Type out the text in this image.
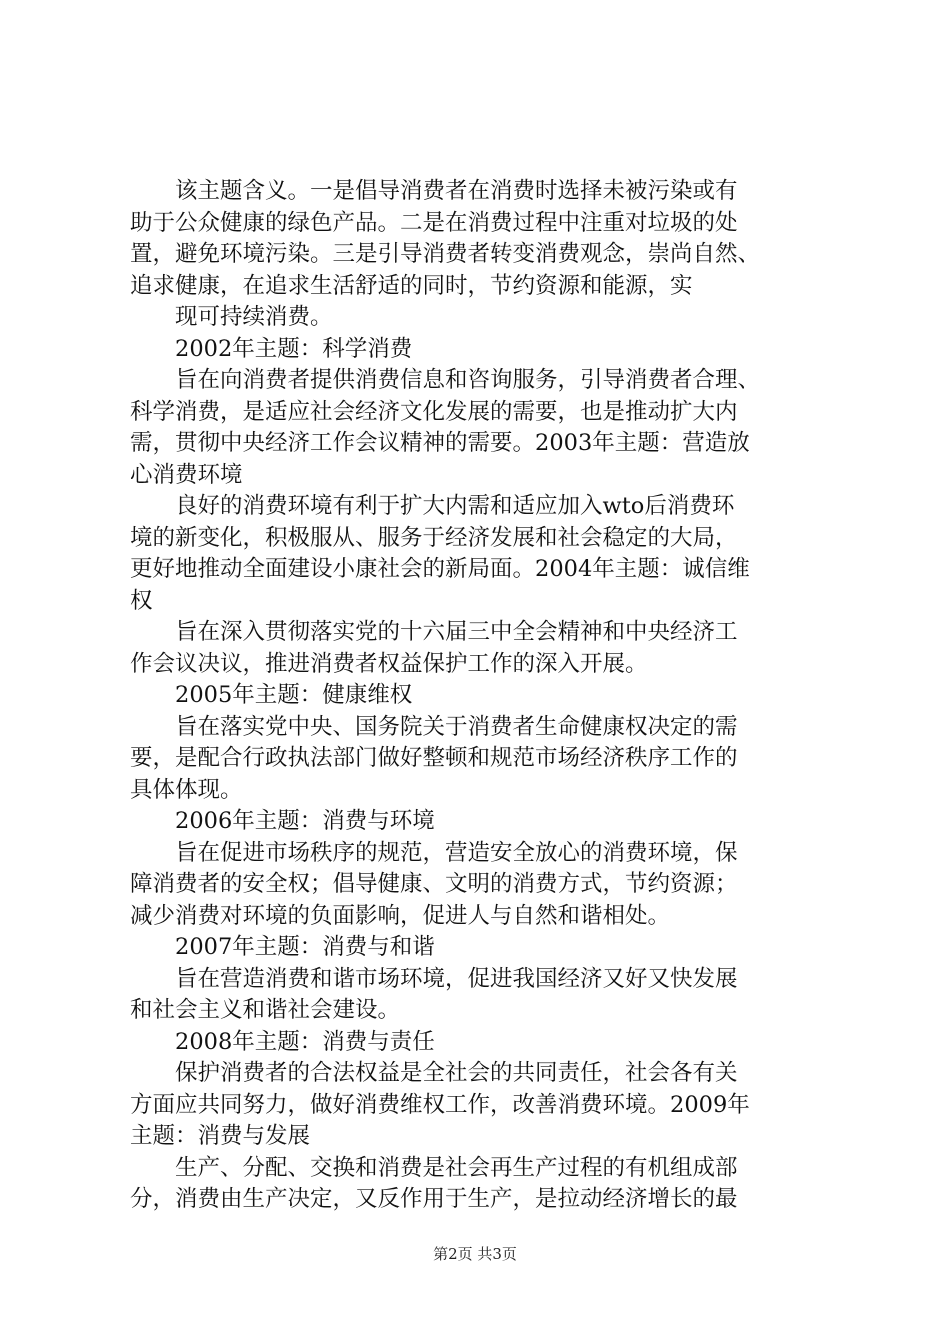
该主题含义。一是倡导消费者在消费时选择未被污染或有
助于公众健康的绿色产品。二是在消费过程中注重对垃圾的处
置，避免环境污染。三是引导消费者转变消费观念，崇尚自然、
追求健康，在追求生活舒适的同时，节约资源和能源，实
现可持续消费。
2002年主题：科学消费
旨在向消费者提供消费信息和咨询服务，引导消费者合理、
科学消费，是适应社会经济文化发展的需要，也是推动扩大内
需，贯彻中央经济工作会议精神的需要。2003年主题：营造放
心消费环境
良好的消费环境有利于扩大内需和适应加入wto后消费环
境的新变化，积极服从、服务于经济发展和社会稳定的大局，
更好地推动全面建设小康社会的新局面。2004年主题：诚信维
权
旨在深入贯彻落实党的十六届三中全会精神和中央经济工
作会议决议，推进消费者权益保护工作的深入开展。
2005年主题：健康维权
旨在落实党中央、国务院关于消费者生命健康权决定的需
要，是配合行政执法部门做好整顿和规范市场经济秩序工作的
具体体现。
2006年主题：消费与环境
旨在促进市场秩序的规范，营造安全放心的消费环境，保
障消费者的安全权；倡导健康、文明的消费方式，节约资源；
减少消费对环境的负面影响，促进人与自然和谐相处。
2007年主题：消费与和谐
旨在营造消费和谐市场环境，促进我国经济又好又快发展
和社会主义和谐社会建设。
2008年主题：消费与责任
保护消费者的合法权益是全社会的共同责任，社会各有关
方面应共同努力，做好消费维权工作，改善消费环境。2009年
主题：消费与发展
生产、分配、交换和消费是社会再生产过程的有机组成部
分，消费由生产决定，又反作用于生产，是拉动经济增长的最
第2页 共3页
